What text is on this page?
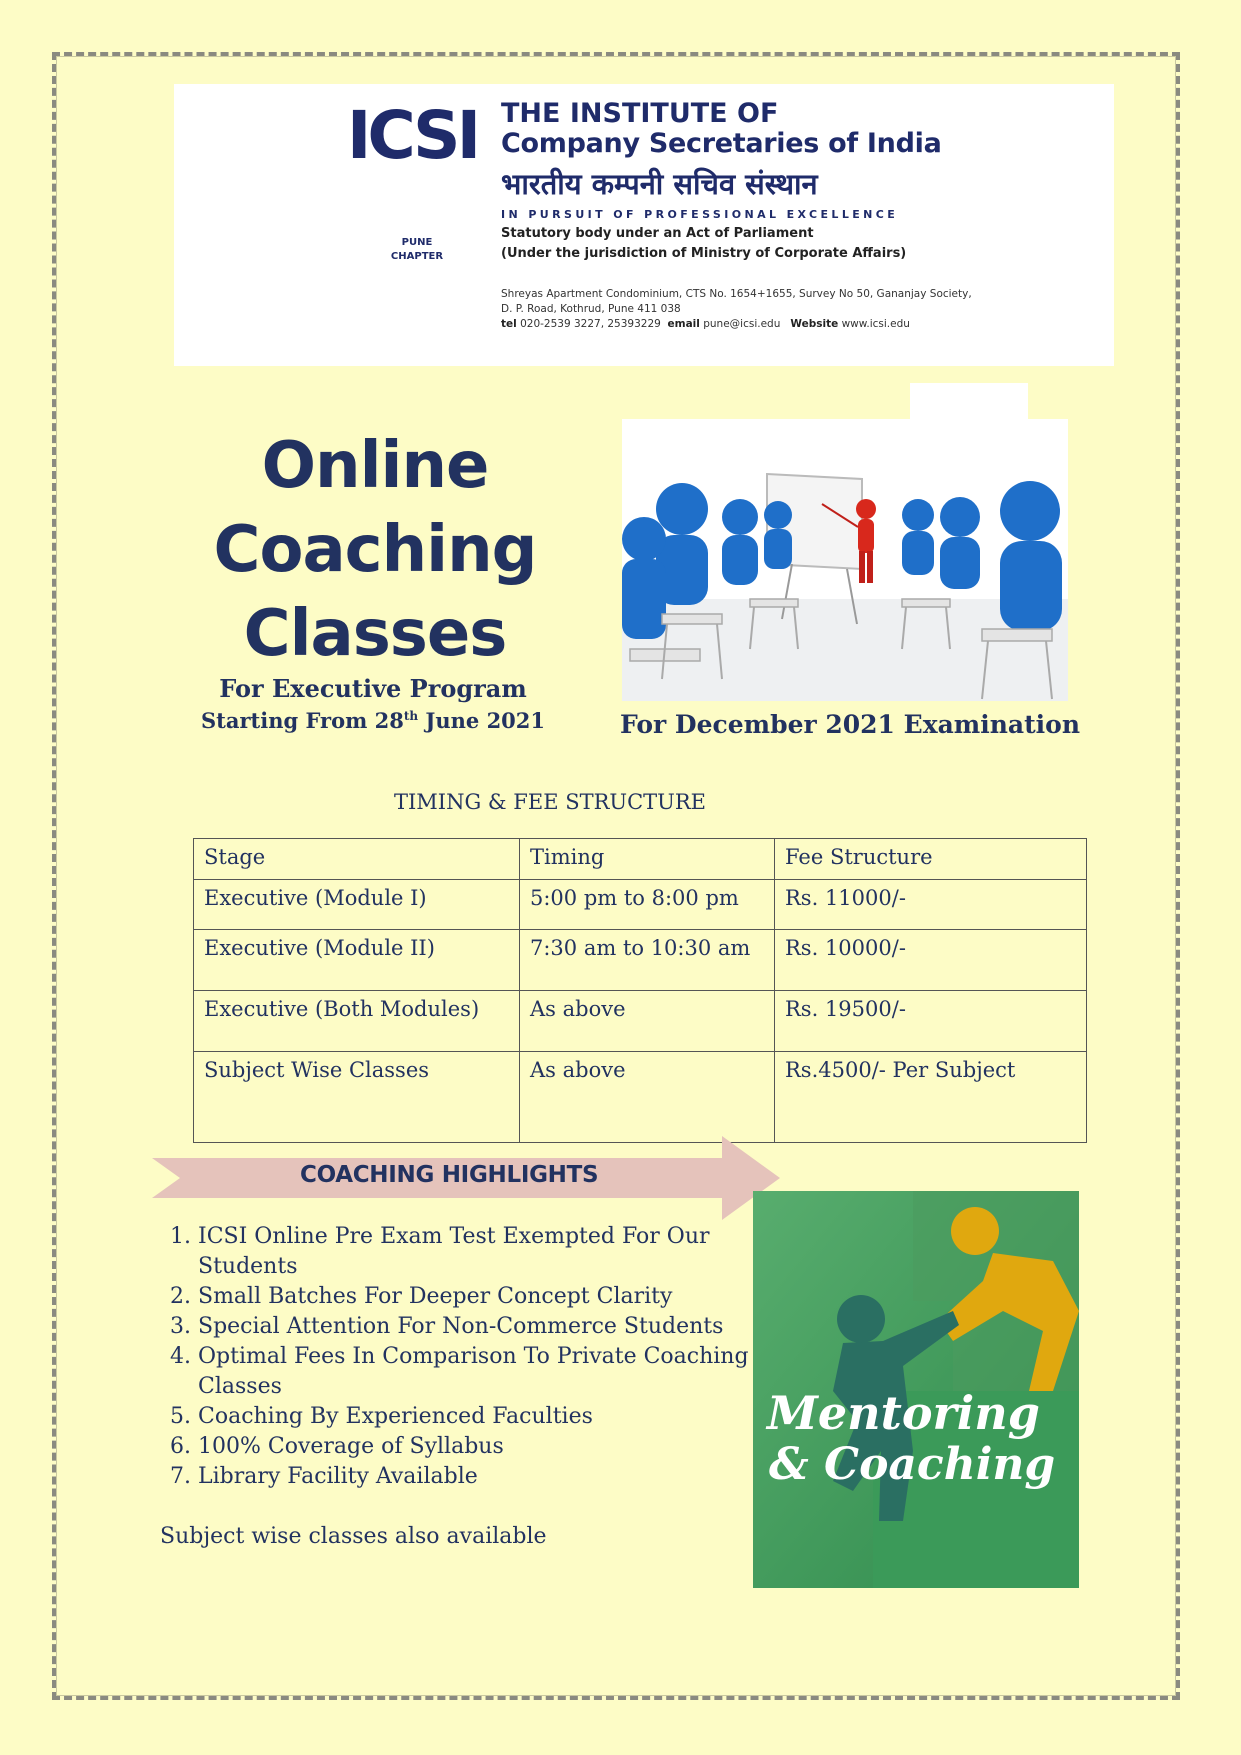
ICSI
PUNE CHAPTER
THE INSTITUTE OF
Company Secretaries of India
भारतीय कम्पनी सचिव संस्थान
IN PURSUIT OF PROFESSIONAL EXCELLENCE
Statutory body under an Act of Parliament
(Under the jurisdiction of Ministry of Corporate Affairs)
Shreyas Apartment Condominium, CTS No. 1654+1655, Survey No 50, Gananjay Society,
D. P. Road, Kothrud, Pune 411 038
tel 020-2539 3227, 25393229 email pune@icsi.edu Website www.icsi.edu
Online
Coaching
Classes
For Executive Program
Starting From 28th June 2021	For December 2021 Examination
TIMING & FEE STRUCTURE
Stage	Timing	Fee Structure
Executive (Module I)	5:00 pm to 8:00 pm	Rs. 11000/-
Executive (Module II)	7:30 am to 10:30 am	Rs. 10000/-
Executive (Both Modules)	As above	Rs. 19500/-
Subject Wise Classes	As above	Rs.4500/- Per Subject
COACHING HIGHLIGHTS
1. ICSI Online Pre Exam Test Exempted For Our Students
2. Small Batches For Deeper Concept Clarity
3. Special Attention For Non-Commerce Students
4. Optimal Fees In Comparison To Private Coaching Classes
5. Coaching By Experienced Faculties
6. 100% Coverage of Syllabus
7. Library Facility Available
Subject wise classes also available
Mentoring
& Coaching
